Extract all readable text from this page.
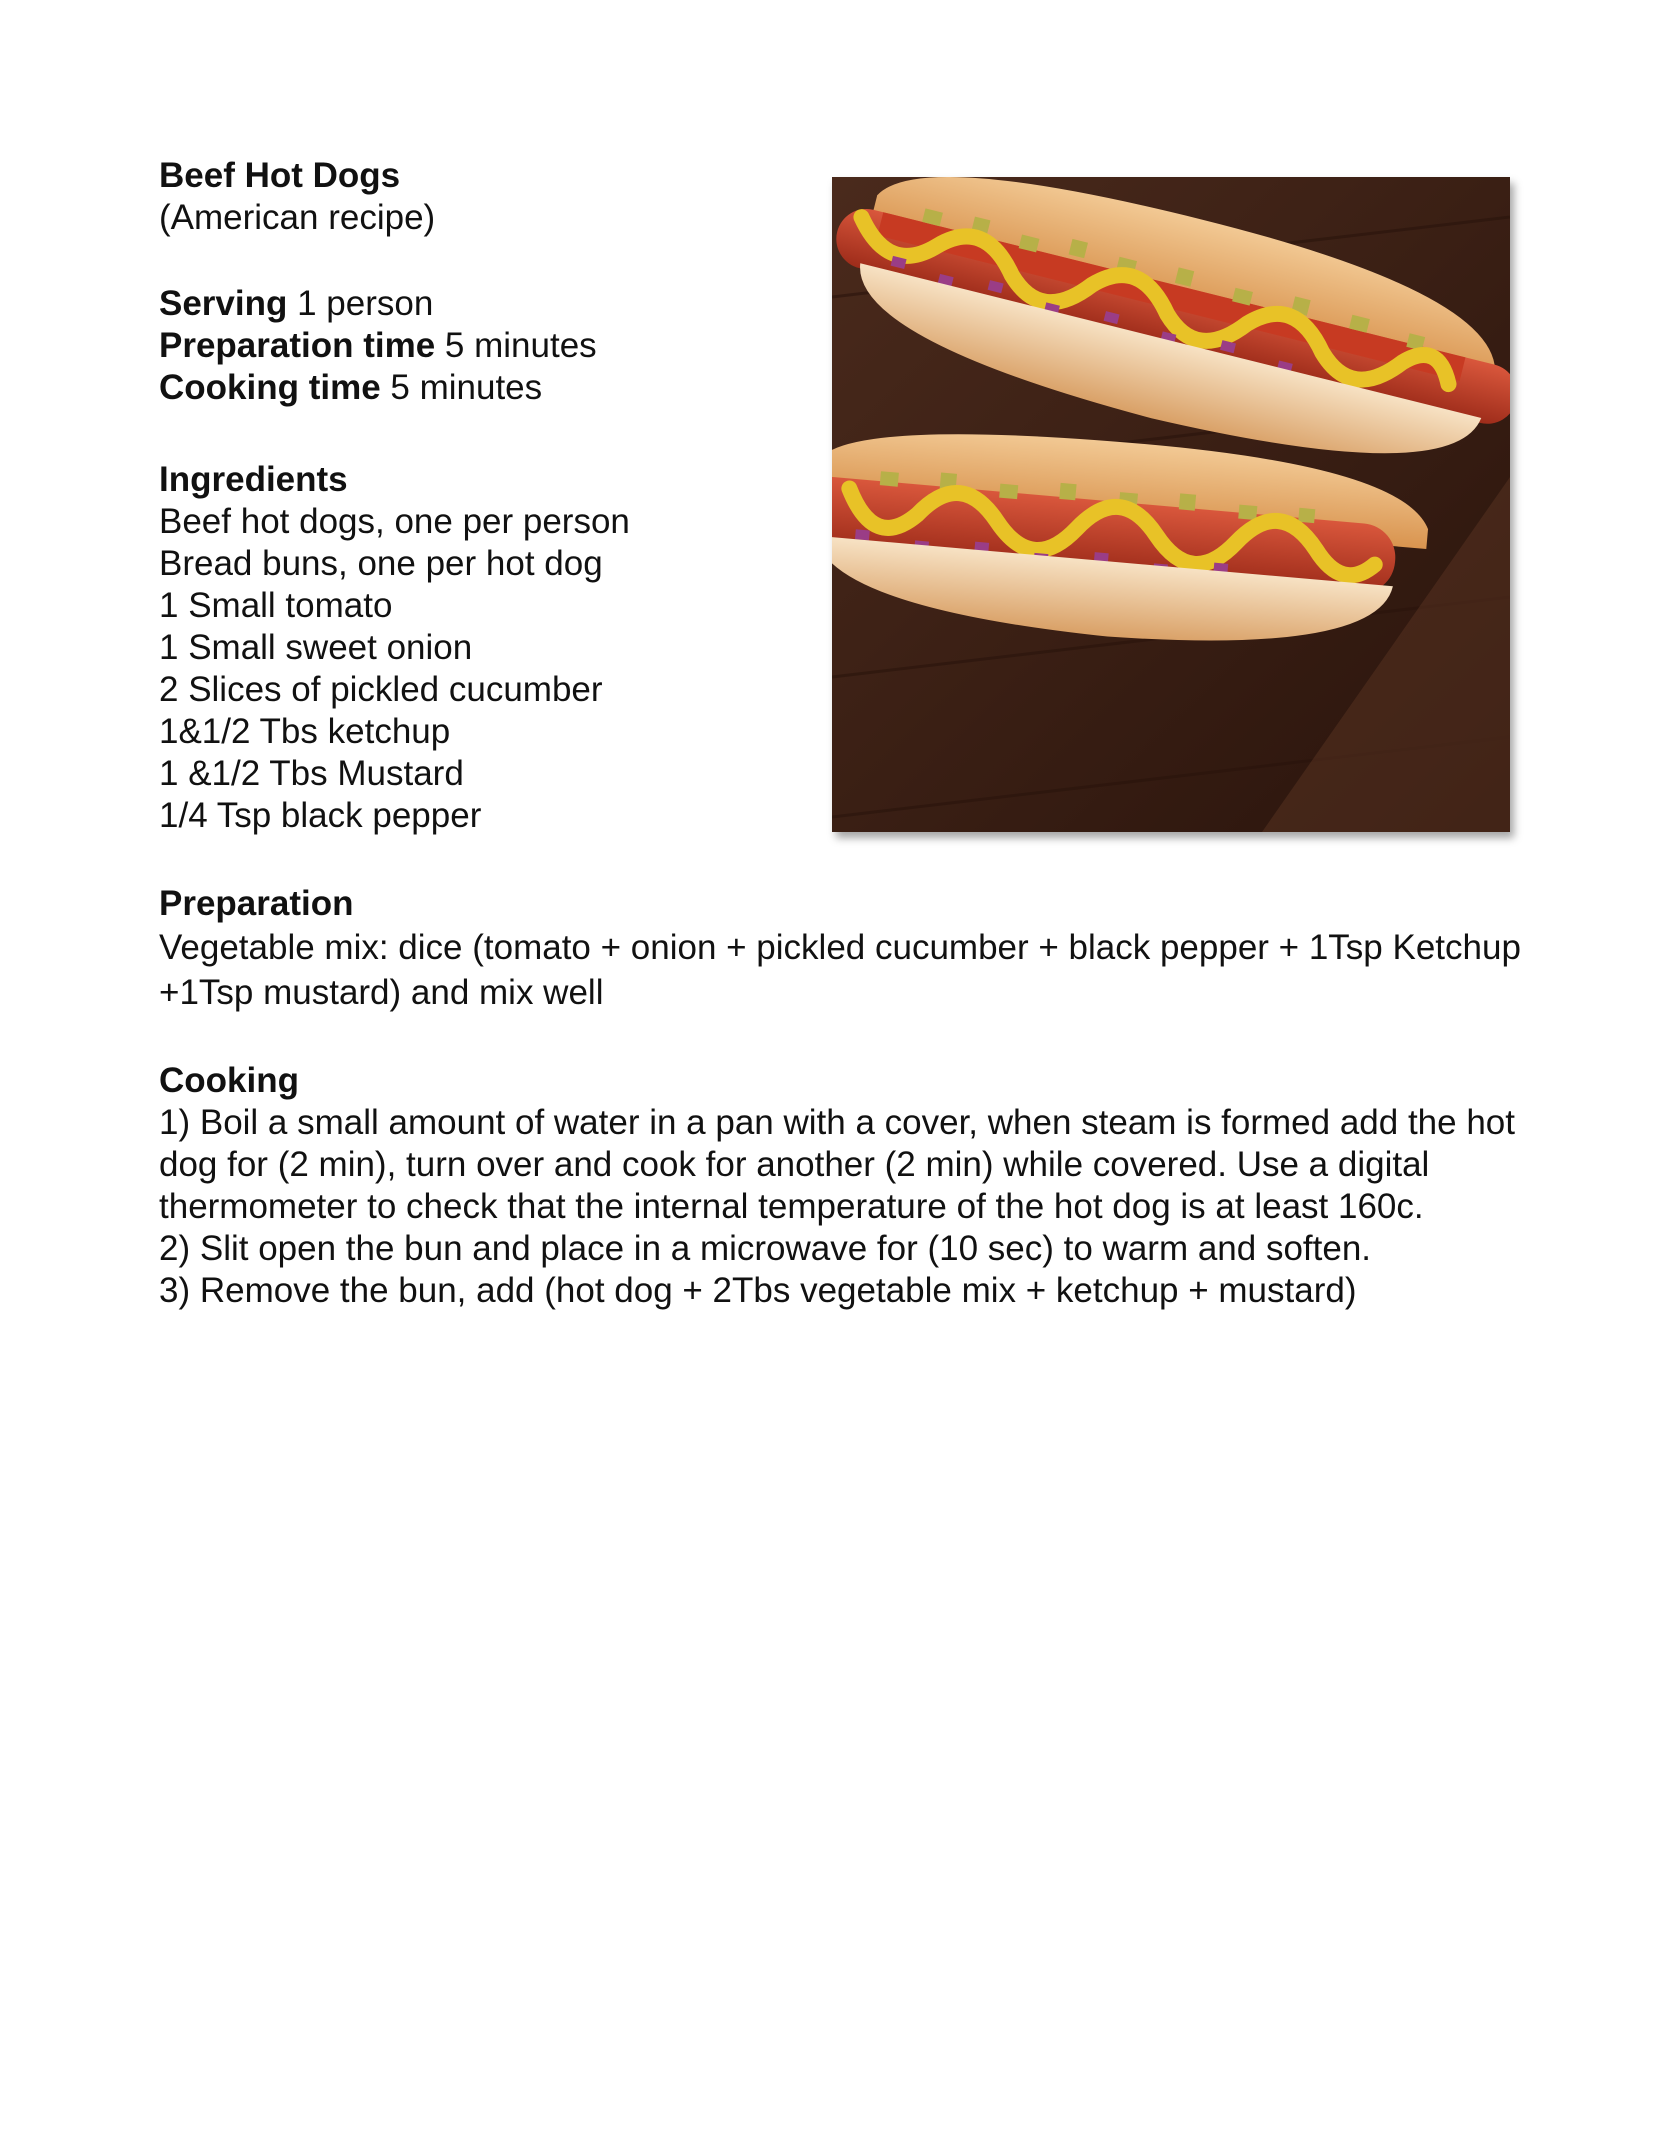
Beef Hot Dogs
(American recipe)
Serving 1 person
Preparation time 5 minutes
Cooking time 5 minutes
Ingredients
Beef hot dogs, one per person
Bread buns, one per hot dog
1 Small tomato
1 Small sweet onion
2 Slices of pickled cucumber
1&1/2 Tbs ketchup
1 &1/2 Tbs Mustard
1/4 Tsp black pepper
Preparation
Vegetable mix: dice (tomato + onion + pickled cucumber + black pepper + 1Tsp Ketchup +1Tsp mustard) and mix well
Cooking
1) Boil a small amount of water in a pan with a cover, when steam is formed add the hot dog for (2 min), turn over and cook for another (2 min) while covered. Use a digital thermometer to check that the internal temperature of the hot dog is at least 160c.
2) Slit open the bun and place in a microwave for (10 sec) to warm and soften.
3) Remove the bun, add (hot dog + 2Tbs vegetable mix + ketchup + mustard)
